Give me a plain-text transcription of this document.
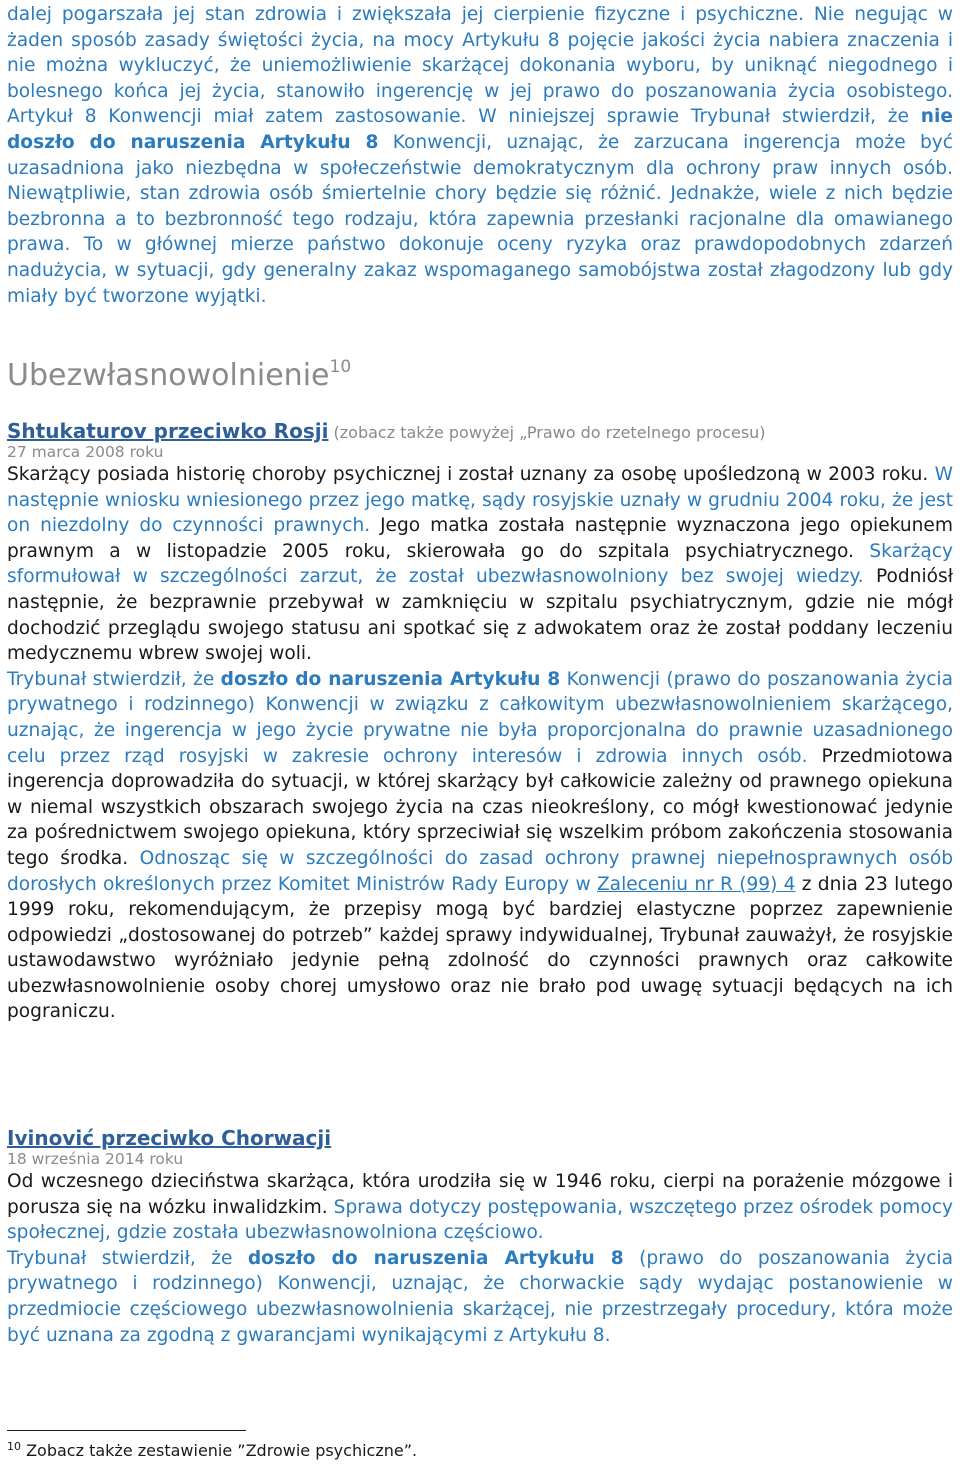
dalej pogarszała jej stan zdrowia i zwiększała jej cierpienie fizyczne i psychiczne. Nie negując w żaden sposób zasady świętości życia, na mocy Artykułu 8 pojęcie jakości życia nabiera znaczenia i nie można wykluczyć, że uniemożliwienie skarżącej dokonania wyboru, by uniknąć niegodnego i bolesnego końca jej życia, stanowiło ingerencję w jej prawo do poszanowania życia osobistego. Artykuł 8 Konwencji miał zatem zastosowanie. W niniejszej sprawie Trybunał stwierdził, że nie doszło do naruszenia Artykułu 8 Konwencji, uznając, że zarzucana ingerencja może być uzasadniona jako niezbędna w społeczeństwie demokratycznym dla ochrony praw innych osób. Niewątpliwie, stan zdrowia osób śmiertelnie chory będzie się różnić. Jednakże, wiele z nich będzie bezbronna a to bezbronność tego rodzaju, która zapewnia przesłanki racjonalne dla omawianego prawa. To w głównej mierze państwo dokonuje oceny ryzyka oraz prawdopodobnych zdarzeń nadużycia, w sytuacji, gdy generalny zakaz wspomaganego samobójstwa został złagodzony lub gdy miały być tworzone wyjątki.

Ubezwłasnowolnienie$^{10}$
Shtukaturov przeciwko Rosji (zobacz także powyżej „Prawo do rzetelnego procesu)
27 marca 2008 roku

Skarżący posiada historię choroby psychicznej i został uznany za osobę upośledzoną w 2003 roku. W następnie wniosku wniesionego przez jego matkę, sądy rosyjskie uznały w grudniu 2004 roku, że jest on niezdolny do czynności prawnych. Jego matka została następnie wyznaczona jego opiekunem prawnym a w listopadzie 2005 roku, skierowała go do szpitala psychiatrycznego. Skarżący sformułował w szczególności zarzut, że został ubezwłasnowolniony bez swojej wiedzy. Podniósł następnie, że bezprawnie przebywał w zamknięciu w szpitalu psychiatrycznym, gdzie nie mógł dochodzić przeglądu swojego statusu ani spotkać się z adwokatem oraz że został poddany leczeniu medycznemu wbrew swojej woli.

Trybunał stwierdził, że doszło do naruszenia Artykułu 8 Konwencji (prawo do poszanowania życia prywatnego i rodzinnego) Konwencji w związku z całkowitym ubezwłasnowolnieniem skarżącego, uznając, że ingerencja w jego życie prywatne nie była proporcjonalna do prawnie uzasadnionego celu przez rząd rosyjski w zakresie ochrony interesów i zdrowia innych osób. Przedmiotowa ingerencja doprowadziła do sytuacji, w której skarżący był całkowicie zależny od prawnego opiekuna w niemal wszystkich obszarach swojego życia na czas nieokreślony, co mógł kwestionować jedynie za pośrednictwem swojego opiekuna, który sprzeciwiał się wszelkim próbom zakończenia stosowania tego środka. Odnosząc się w szczególności do zasad ochrony prawnej niepełnosprawnych osób dorosłych określonych przez Komitet Ministrów Rady Europy w Zaleceniu nr R (99) 4 z dnia 23 lutego 1999 roku, rekomendującym, że przepisy mogą być bardziej elastyczne poprzez zapewnienie odpowiedzi „dostosowanej do potrzeb” każdej sprawy indywidualnej, Trybunał zauważył, że rosyjskie ustawodawstwo wyróżniało jedynie pełną zdolność do czynności prawnych oraz całkowite ubezwłasnowolnienie osoby chorej umysłowo oraz nie brało pod uwagę sytuacji będących na ich pograniczu.

Ivinović przeciwko Chorwacji
18 września 2014 roku

Od wczesnego dzieciństwa skarżąca, która urodziła się w 1946 roku, cierpi na porażenie mózgowe i porusza się na wózku inwalidzkim. Sprawa dotyczy postępowania, wszczętego przez ośrodek pomocy społecznej, gdzie została ubezwłasnowolniona częściowo.

Trybunał stwierdził, że doszło do naruszenia Artykułu 8 (prawo do poszanowania życia prywatnego i rodzinnego) Konwencji, uznając, że chorwackie sądy wydając postanowienie w przedmiocie częściowego ubezwłasnowolnienia skarżącej, nie przestrzegały procedury, która może być uznana za zgodną z gwarancjami wynikającymi z Artykułu 8.

$^{10}$ Zobacz także zestawienie ”Zdrowie psychiczne”.
